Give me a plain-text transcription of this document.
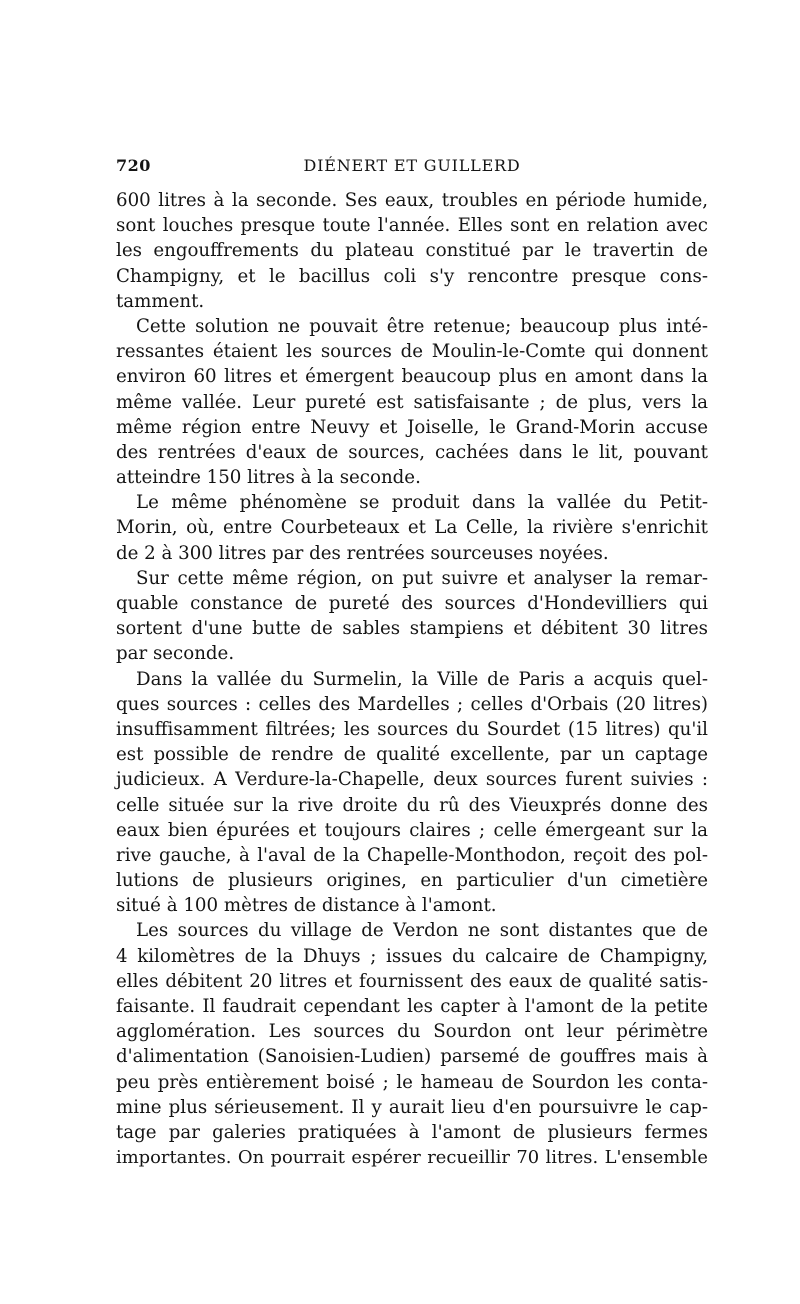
720	DIÉNERT ET GUILLERD
600 litres à la seconde. Ses eaux, troubles en période humide,
sont louches presque toute l'année. Elles sont en relation avec
les engouffrements du plateau constitué par le travertin de
Champigny, et le bacillus coli s'y rencontre presque cons-
tamment.
Cette solution ne pouvait être retenue; beaucoup plus inté-
ressantes étaient les sources de Moulin-le-Comte qui donnent
environ 60 litres et émergent beaucoup plus en amont dans la
même vallée. Leur pureté est satisfaisante ; de plus, vers la
même région entre Neuvy et Joiselle, le Grand-Morin accuse
des rentrées d'eaux de sources, cachées dans le lit, pouvant
atteindre 150 litres à la seconde.
Le même phénomène se produit dans la vallée du Petit-
Morin, où, entre Courbeteaux et La Celle, la rivière s'enrichit
de 2 à 300 litres par des rentrées sourceuses noyées.
Sur cette même région, on put suivre et analyser la remar-
quable constance de pureté des sources d'Hondevilliers qui
sortent d'une butte de sables stampiens et débitent 30 litres
par seconde.
Dans la vallée du Surmelin, la Ville de Paris a acquis quel-
ques sources : celles des Mardelles ; celles d'Orbais (20 litres)
insuffisamment filtrées; les sources du Sourdet (15 litres) qu'il
est possible de rendre de qualité excellente, par un captage
judicieux. A Verdure-la-Chapelle, deux sources furent suivies :
celle située sur la rive droite du rû des Vieuxprés donne des
eaux bien épurées et toujours claires ; celle émergeant sur la
rive gauche, à l'aval de la Chapelle-Monthodon, reçoit des pol-
lutions de plusieurs origines, en particulier d'un cimetière
situé à 100 mètres de distance à l'amont.
Les sources du village de Verdon ne sont distantes que de
4 kilomètres de la Dhuys ; issues du calcaire de Champigny,
elles débitent 20 litres et fournissent des eaux de qualité satis-
faisante. Il faudrait cependant les capter à l'amont de la petite
agglomération. Les sources du Sourdon ont leur périmètre
d'alimentation (Sanoisien-Ludien) parsemé de gouffres mais à
peu près entièrement boisé ; le hameau de Sourdon les conta-
mine plus sérieusement. Il y aurait lieu d'en poursuivre le cap-
tage par galeries pratiquées à l'amont de plusieurs fermes
importantes. On pourrait espérer recueillir 70 litres. L'ensemble
